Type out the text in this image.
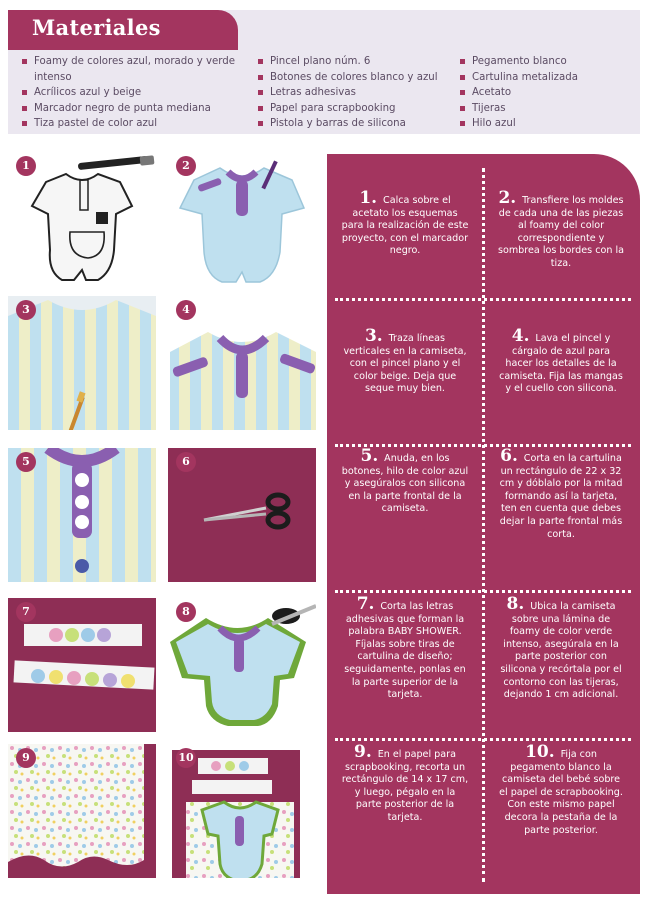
Materiales
Foamy de colores azul, morado y verde
intenso
Acrílicos azul y beige
Marcador negro de punta mediana
Tiza pastel de color azul
Pincel plano núm. 6
Botones de colores blanco y azul
Letras adhesivas
Papel para scrapbooking
Pistola y barras de silicona
Pegamento blanco
Cartulina metalizada
Acetato
Tijeras
Hilo azul
1	2
3	4
5	6
7	8
9	10
1. Calca sobre el acetato los esquemas para la realización de este proyecto, con el marcador negro.
2. Transfiere los moldes de cada una de las piezas al foamy del color correspondiente y sombrea los bordes con la tiza.
3. Traza líneas verticales en la camiseta, con el pincel plano y el color beige. Deja que seque muy bien.
4. Lava el pincel y cárgalo de azul para hacer los detalles de la camiseta. Fija las mangas y el cuello con silicona.
5. Anuda, en los botones, hilo de color azul y asegúralos con silicona en la parte frontal de la camiseta.
6. Corta en la cartulina un rectángulo de 22 x 32 cm y dóblalo por la mitad formando así la tarjeta, ten en cuenta que debes dejar la parte frontal más corta.
7. Corta las letras adhesivas que forman la palabra BABY SHOWER. Fíjalas sobre tiras de cartulina de diseño; seguidamente, ponlas en la parte superior de la tarjeta.
8. Ubica la camiseta sobre una lámina de foamy de color verde intenso, asegúrala en la parte posterior con silicona y recórtala por el contorno con las tijeras, dejando 1 cm adicional.
9. En el papel para scrapbooking, recorta un rectángulo de 14 x 17 cm, y luego, pégalo en la parte posterior de la tarjeta.
10. Fija con pegamento blanco la camiseta del bebé sobre el papel de scrapbooking. Con este mismo papel decora la pestaña de la parte posterior.
